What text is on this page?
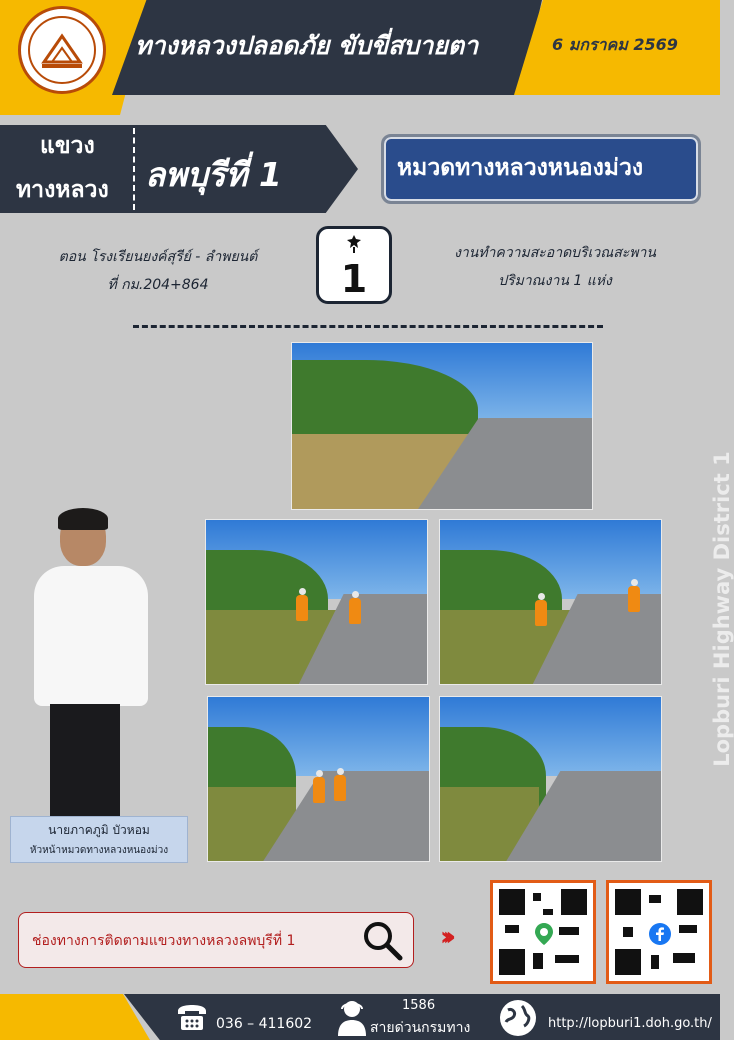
ทางหลวงปลอดภัย ขับขี่สบายตา	6 มกราคม 2569
แขวง
ทางหลวง ลพบุรีที่ 1	หมวดทางหลวงหนองม่วง
ตอน โรงเรียนยงค์สุรีย์ - ลำพยนต์
ที่ กม.204+864	1
งานทำความสะอาดบริเวณสะพาน
ปริมาณงาน 1 แห่ง
นายภาคภูมิ บัวหอม
หัวหน้าหมวดทางหลวงหนองม่วง
Lopburi Highway District 1
ช่องทางการติดตามแขวงทางหลวงลพบุรีที่ 1	›››
036 – 411602
1586
สายด่วนกรมทาง	http://lopburi1.doh.go.th/
